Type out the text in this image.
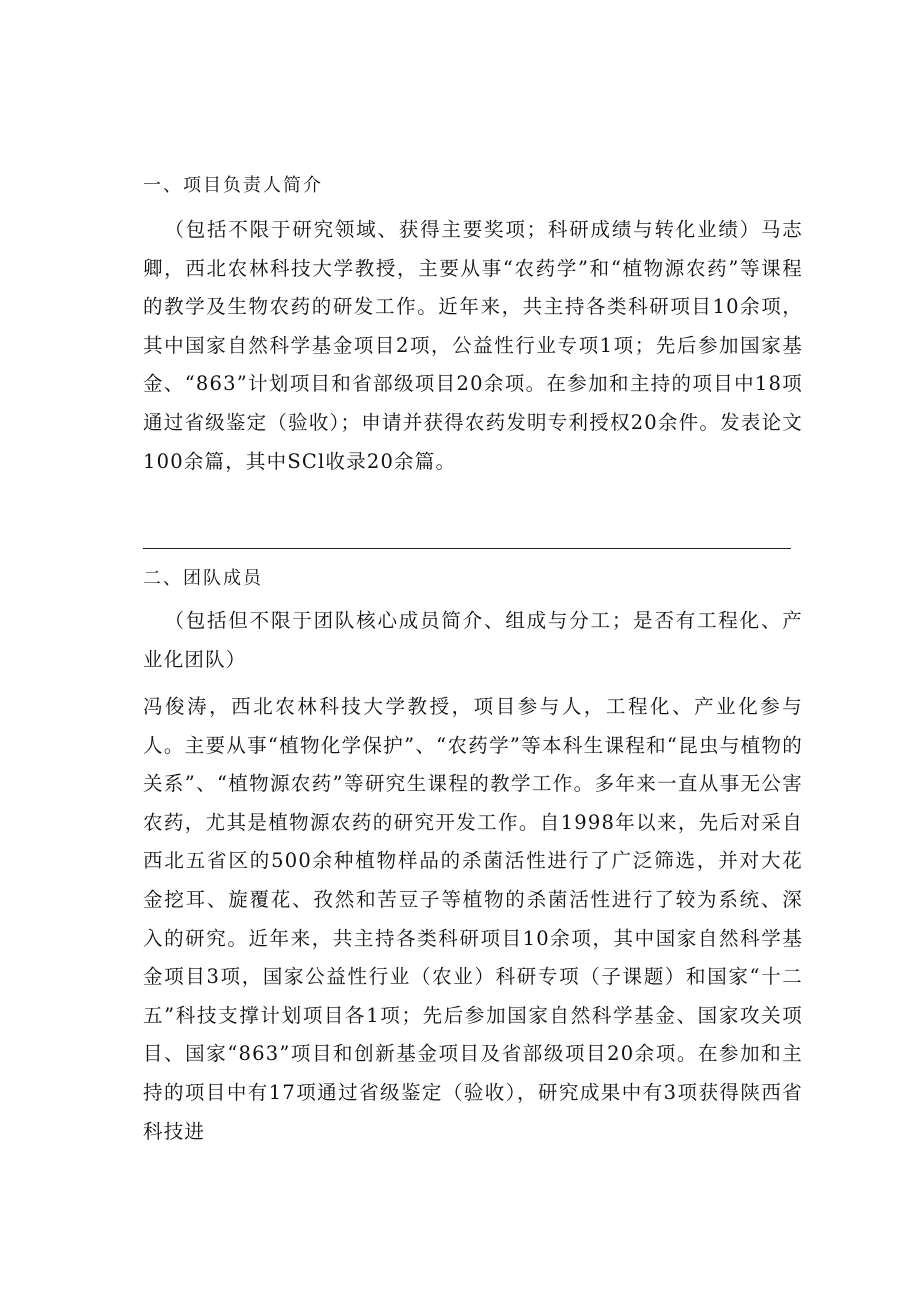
一、项目负责人简介
（包括不限于研究领域、获得主要奖项；科研成绩与转化业绩）马志卿，西北农林科技大学教授，主要从事“农药学”和“植物源农药”等课程的教学及生物农药的研发工作。近年来，共主持各类科研项目10余项，其中国家自然科学基金项目2项，公益性行业专项1项；先后参加国家基金、“863”计划项目和省部级项目20余项。在参加和主持的项目中18项通过省级鉴定（验收）；申请并获得农药发明专利授权20余件。发表论文100余篇，其中SCl收录20余篇。
二、团队成员
（包括但不限于团队核心成员简介、组成与分工；是否有工程化、产业化团队）
冯俊涛，西北农林科技大学教授，项目参与人，工程化、产业化参与人。主要从事“植物化学保护”、“农药学”等本科生课程和“昆虫与植物的关系”、“植物源农药”等研究生课程的教学工作。多年来一直从事无公害农药，尤其是植物源农药的研究开发工作。自1998年以来，先后对采自西北五省区的500余种植物样品的杀菌活性进行了广泛筛选，并对大花金挖耳、旋覆花、孜然和苦豆子等植物的杀菌活性进行了较为系统、深入的研究。近年来，共主持各类科研项目10余项，其中国家自然科学基金项目3项，国家公益性行业（农业）科研专项（子课题）和国家“十二五”科技支撑计划项目各1项；先后参加国家自然科学基金、国家攻关项目、国家“863”项目和创新基金项目及省部级项目20余项。在参加和主持的项目中有17项通过省级鉴定（验收），研究成果中有3项获得陕西省科技进
